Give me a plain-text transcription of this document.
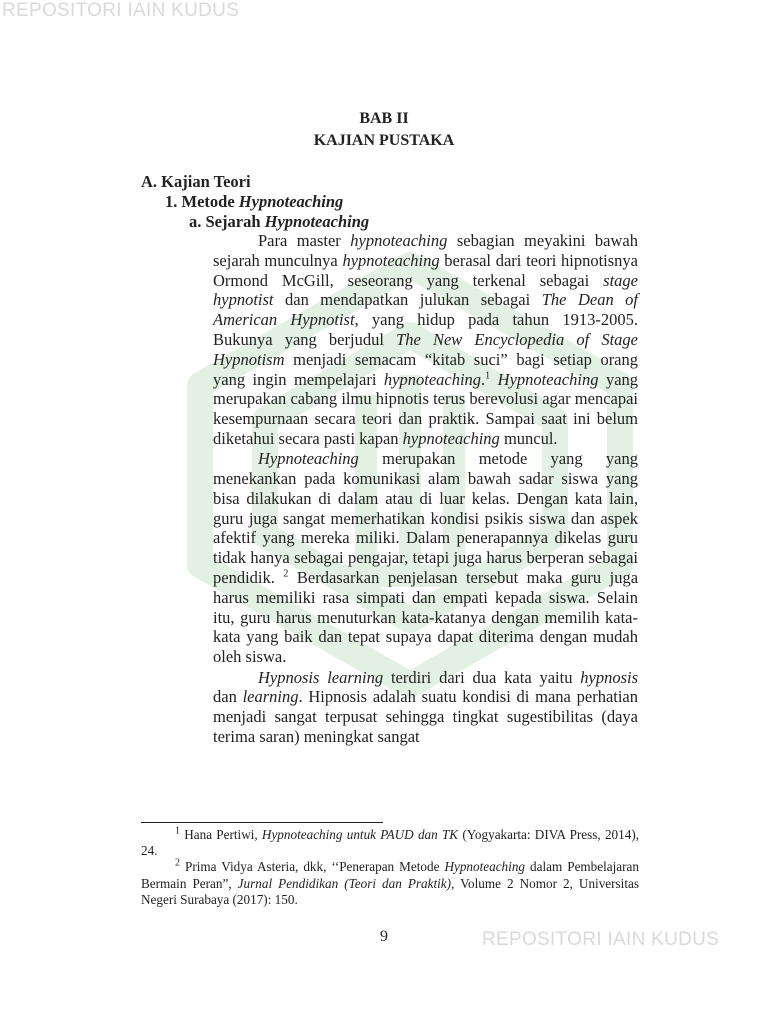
REPOSITORI IAIN KUDUS
BAB II
KAJIAN PUSTAKA
A. Kajian Teori
1. Metode Hypnoteaching
a. Sejarah Hypnoteaching

Para master hypnoteaching sebagian meyakini bawah sejarah munculnya hypnoteaching berasal dari teori hipnotisnya Ormond McGill, seseorang yang terkenal sebagai stage hypnotist dan mendapatkan julukan sebagai The Dean of American Hypnotist, yang hidup pada tahun 1913-2005. Bukunya yang berjudul The New Encyclopedia of Stage Hypnotism menjadi semacam “kitab suci” bagi setiap orang yang ingin mempelajari hypnoteaching.$^1$ Hypnoteaching yang merupakan cabang ilmu hipnotis terus berevolusi agar mencapai kesempurnaan secara teori dan praktik. Sampai saat ini belum diketahui secara pasti kapan hypnoteaching muncul.

Hypnoteaching merupakan metode yang yang menekankan pada komunikasi alam bawah sadar siswa yang bisa dilakukan di dalam atau di luar kelas. Dengan kata lain, guru juga sangat memerhatikan kondisi psikis siswa dan aspek afektif yang mereka miliki. Dalam penerapannya dikelas guru tidak hanya sebagai pengajar, tetapi juga harus berperan sebagai pendidik. $^2$ Berdasarkan penjelasan tersebut maka guru juga harus memiliki rasa simpati dan empati kepada siswa. Selain itu, guru harus menuturkan kata-katanya dengan memilih kata-kata yang baik dan tepat supaya dapat diterima dengan mudah oleh siswa.

Hypnosis learning terdiri dari dua kata yaitu hypnosis dan learning. Hipnosis adalah suatu kondisi di mana perhatian menjadi sangat terpusat sehingga tingkat sugestibilitas (daya terima saran) meningkat sangat

$^1$ Hana Pertiwi, Hypnoteaching untuk PAUD dan TK (Yogyakarta: DIVA Press, 2014), 24.

$^2$ Prima Vidya Asteria, dkk, ‘‘Penerapan Metode Hypnoteaching dalam Pembelajaran Bermain Peran”, Jurnal Pendidikan (Teori dan Praktik), Volume 2 Nomor 2, Universitas Negeri Surabaya (2017): 150.

9	REPOSITORI IAIN KUDUS
